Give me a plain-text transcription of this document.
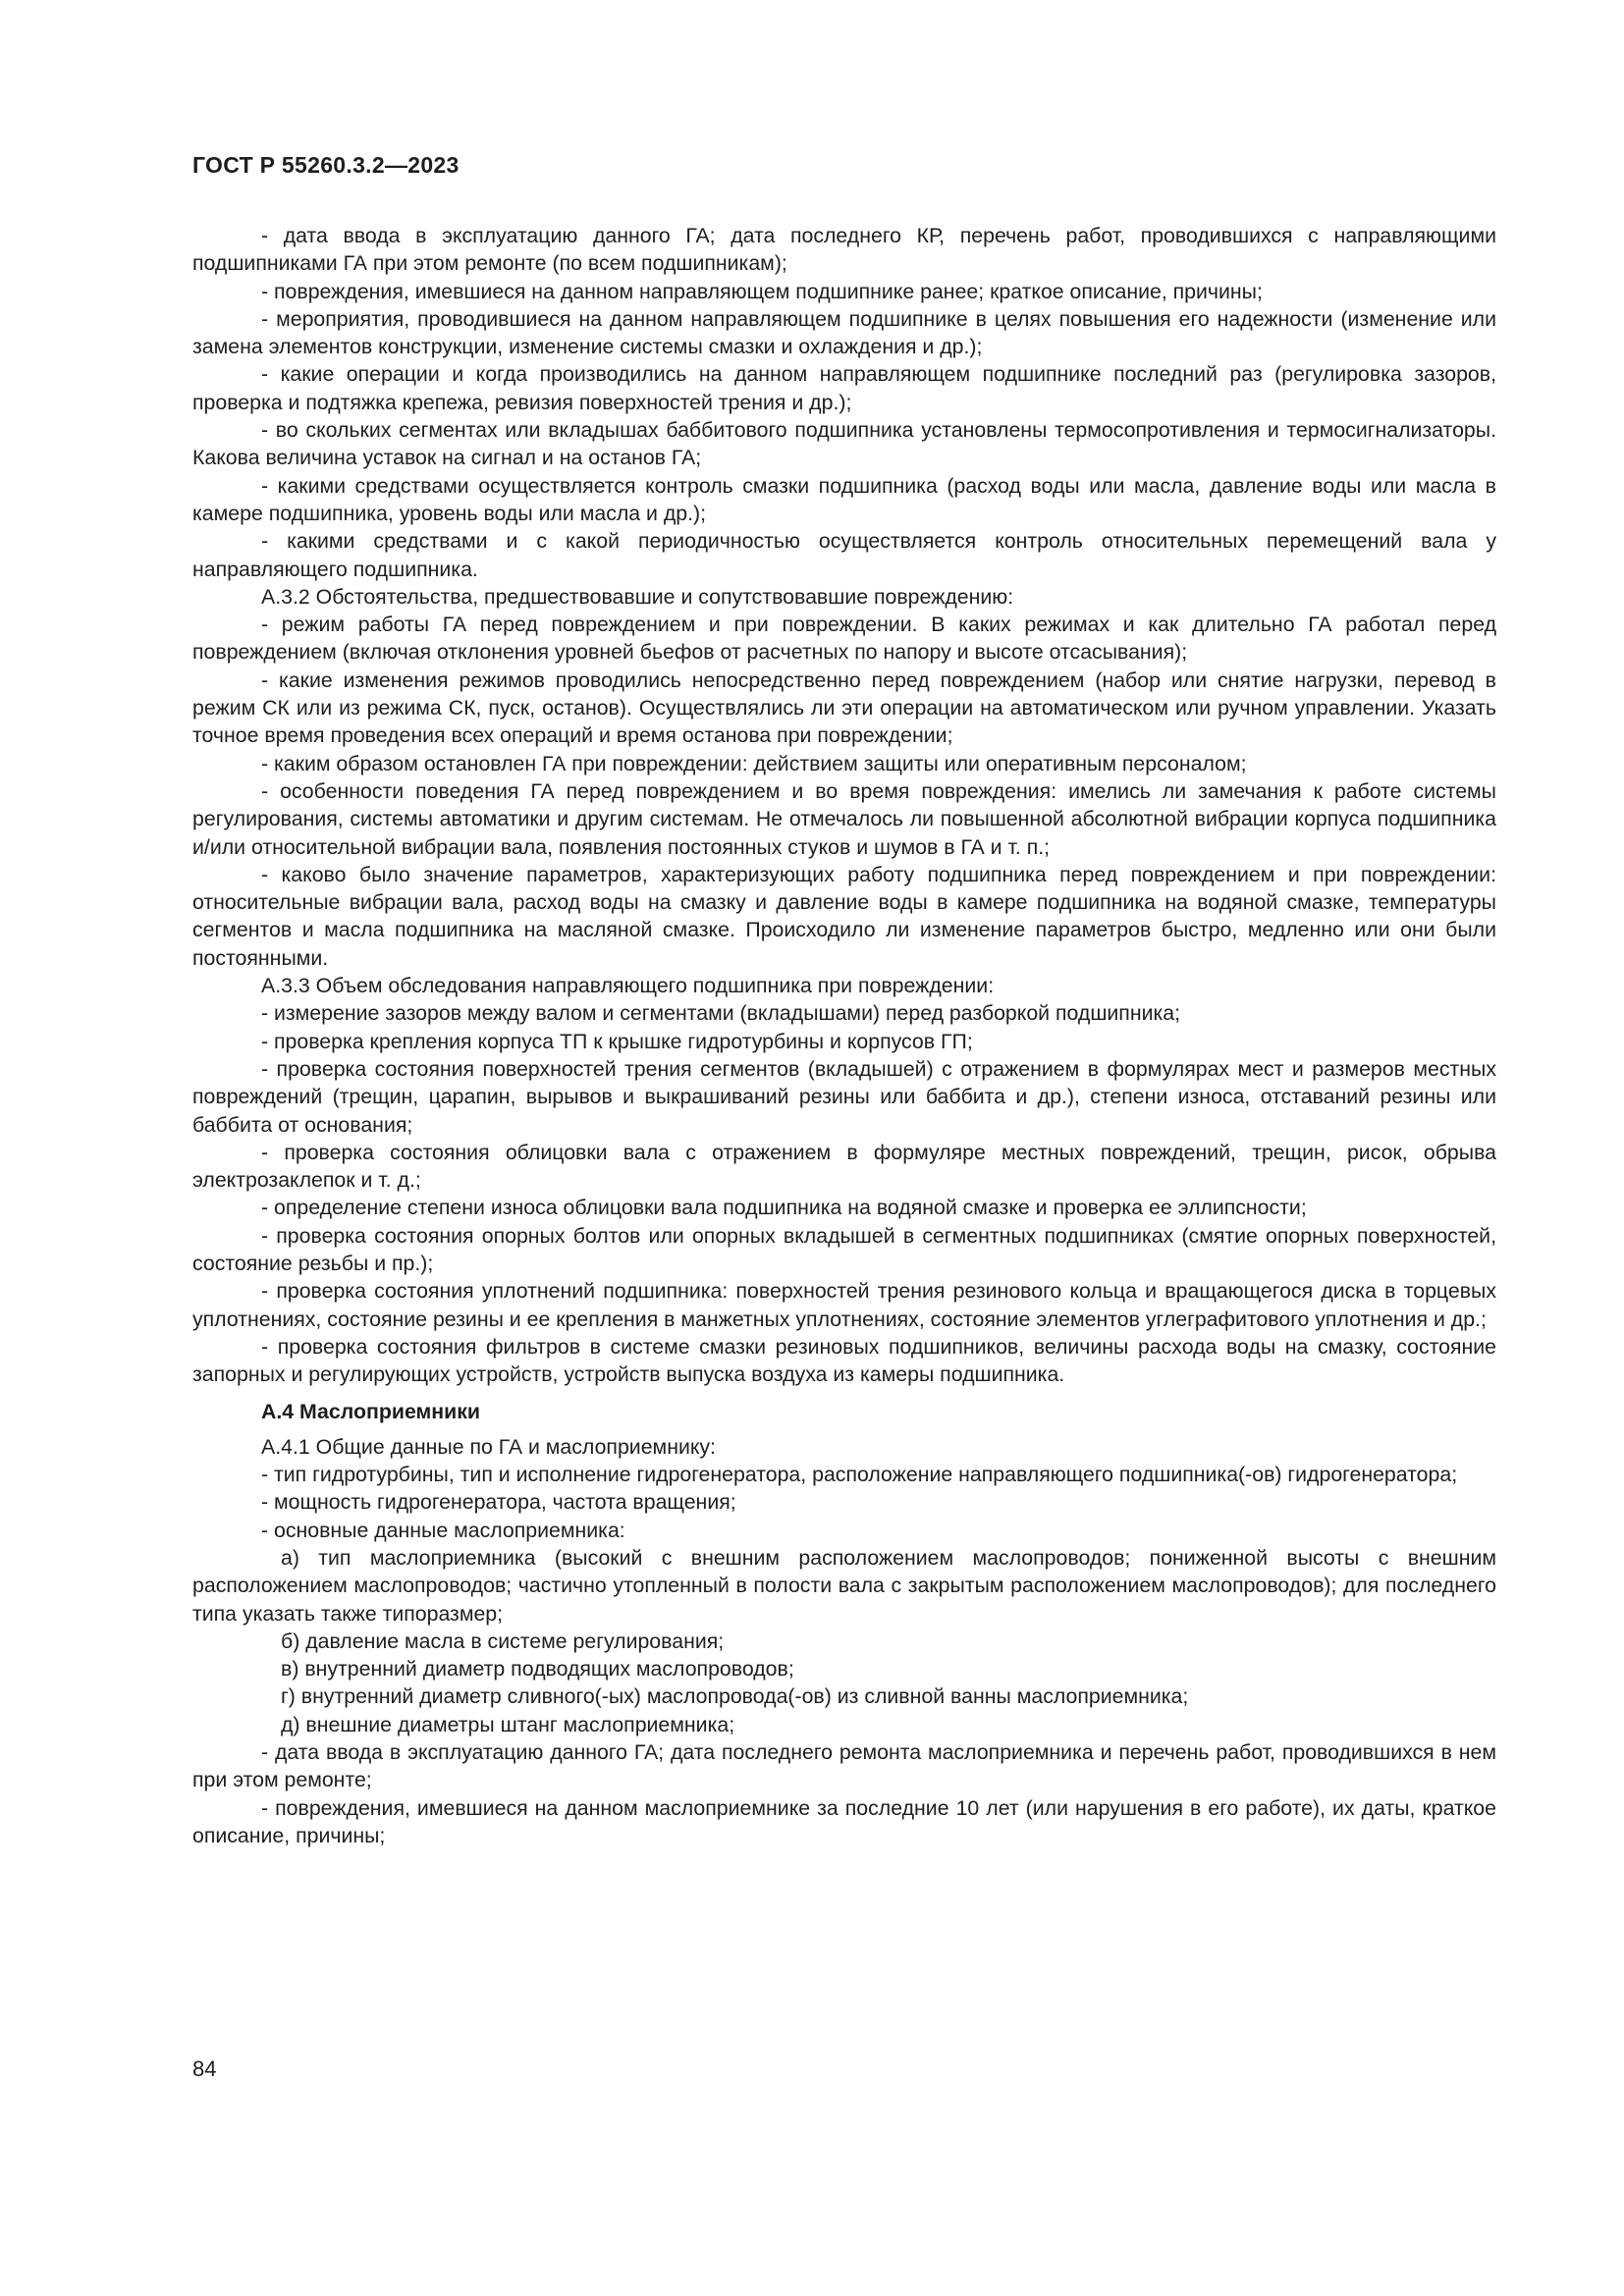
ГОСТ Р 55260.3.2—2023

- дата ввода в эксплуатацию данного ГА; дата последнего КР, перечень работ, проводившихся с направляющими подшипниками ГА при этом ремонте (по всем подшипникам);

- повреждения, имевшиеся на данном направляющем подшипнике ранее; краткое описание, причины;

- мероприятия, проводившиеся на данном направляющем подшипнике в целях повышения его надежности (изменение или замена элементов конструкции, изменение системы смазки и охлаждения и др.);

- какие операции и когда производились на данном направляющем подшипнике последний раз (регулировка зазоров, проверка и подтяжка крепежа, ревизия поверхностей трения и др.);

- во скольких сегментах или вкладышах баббитового подшипника установлены термосопротивления и термосигнализаторы. Какова величина уставок на сигнал и на останов ГА;

- какими средствами осуществляется контроль смазки подшипника (расход воды или масла, давление воды или масла в камере подшипника, уровень воды или масла и др.);

- какими средствами и с какой периодичностью осуществляется контроль относительных перемещений вала у направляющего подшипника.

А.3.2 Обстоятельства, предшествовавшие и сопутствовавшие повреждению:

- режим работы ГА перед повреждением и при повреждении. В каких режимах и как длительно ГА работал перед повреждением (включая отклонения уровней бьефов от расчетных по напору и высоте отсасывания);

- какие изменения режимов проводились непосредственно перед повреждением (набор или снятие нагрузки, перевод в режим СК или из режима СК, пуск, останов). Осуществлялись ли эти операции на автоматическом или ручном управлении. Указать точное время проведения всех операций и время останова при повреждении;

- каким образом остановлен ГА при повреждении: действием защиты или оперативным персоналом;

- особенности поведения ГА перед повреждением и во время повреждения: имелись ли замечания к работе системы регулирования, системы автоматики и другим системам. Не отмечалось ли повышенной абсолютной вибрации корпуса подшипника и/или относительной вибрации вала, появления постоянных стуков и шумов в ГА и т. п.;

- каково было значение параметров, характеризующих работу подшипника перед повреждением и при повреждении: относительные вибрации вала, расход воды на смазку и давление воды в камере подшипника на водяной смазке, температуры сегментов и масла подшипника на масляной смазке. Происходило ли изменение параметров быстро, медленно или они были постоянными.

А.3.3 Объем обследования направляющего подшипника при повреждении:

- измерение зазоров между валом и сегментами (вкладышами) перед разборкой подшипника;

- проверка крепления корпуса ТП к крышке гидротурбины и корпусов ГП;

- проверка состояния поверхностей трения сегментов (вкладышей) с отражением в формулярах мест и размеров местных повреждений (трещин, царапин, вырывов и выкрашиваний резины или баббита и др.), степени износа, отставаний резины или баббита от основания;

- проверка состояния облицовки вала с отражением в формуляре местных повреждений, трещин, рисок, обрыва электрозаклепок и т. д.;

- определение степени износа облицовки вала подшипника на водяной смазке и проверка ее эллипсности;

- проверка состояния опорных болтов или опорных вкладышей в сегментных подшипниках (смятие опорных поверхностей, состояние резьбы и пр.);

- проверка состояния уплотнений подшипника: поверхностей трения резинового кольца и вращающегося диска в торцевых уплотнениях, состояние резины и ее крепления в манжетных уплотнениях, состояние элементов углеграфитового уплотнения и др.;

- проверка состояния фильтров в системе смазки резиновых подшипников, величины расхода воды на смазку, состояние запорных и регулирующих устройств, устройств выпуска воздуха из камеры подшипника.

А.4 Маслоприемники

А.4.1 Общие данные по ГА и маслоприемнику:

- тип гидротурбины, тип и исполнение гидрогенератора, расположение направляющего подшипника(-ов) гидрогенератора;

- мощность гидрогенератора, частота вращения;

- основные данные маслоприемника:

а) тип маслоприемника (высокий с внешним расположением маслопроводов; пониженной высоты с внешним расположением маслопроводов; частично утопленный в полости вала с закрытым расположением маслопроводов); для последнего типа указать также типоразмер;

б) давление масла в системе регулирования;

в) внутренний диаметр подводящих маслопроводов;

г) внутренний диаметр сливного(-ых) маслопровода(-ов) из сливной ванны маслоприемника;

д) внешние диаметры штанг маслоприемника;

- дата ввода в эксплуатацию данного ГА; дата последнего ремонта маслоприемника и перечень работ, проводившихся в нем при этом ремонте;

- повреждения, имевшиеся на данном маслоприемнике за последние 10 лет (или нарушения в его работе), их даты, краткое описание, причины;

84
